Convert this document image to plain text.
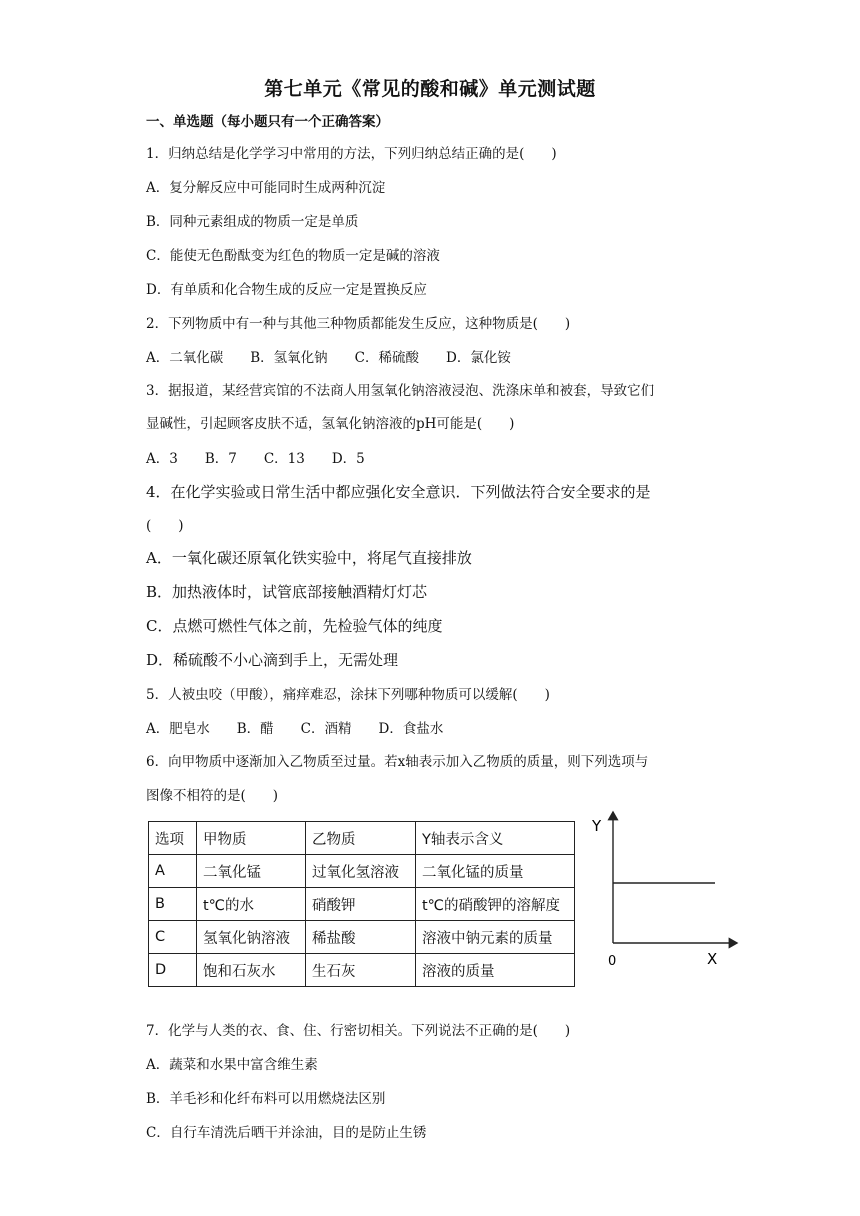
第七单元《常见的酸和碱》单元测试题
一、单选题（每小题只有一个正确答案）
1．归纳总结是化学学习中常用的方法，下列归纳总结正确的是(　　)
A．复分解反应中可能同时生成两种沉淀
B．同种元素组成的物质一定是单质
C．能使无色酚酞变为红色的物质一定是碱的溶液
D．有单质和化合物生成的反应一定是置换反应
2．下列物质中有一种与其他三种物质都能发生反应，这种物质是(　　)
A．二氧化碳　　B．氢氧化钠　　C．稀硫酸　　D．氯化铵
3．据报道，某经营宾馆的不法商人用氢氧化钠溶液浸泡、洗涤床单和被套，导致它们
显碱性，引起顾客皮肤不适，氢氧化钠溶液的pH可能是(　　)
A．3　　B．7　　C．13　　D．5
4．在化学实验或日常生活中都应强化安全意识．下列做法符合安全要求的是
(　　)
A．一氧化碳还原氧化铁实验中，将尾气直接排放
B．加热液体时，试管底部接触酒精灯灯芯
C．点燃可燃性气体之前，先检验气体的纯度
D．稀硫酸不小心滴到手上，无需处理
5．人被虫咬（甲酸），痛痒难忍，涂抹下列哪种物质可以缓解(　　)
A．肥皂水　　B．醋　　C．酒精　　D．食盐水
6．向甲物质中逐渐加入乙物质至过量。若x轴表示加入乙物质的质量，则下列选项与
图像不相符的是(　　)
选项	甲物质	乙物质	Y轴表示含义
A	二氧化锰	过氧化氢溶液	二氧化锰的质量
B	t℃的水	硝酸钾	t℃的硝酸钾的溶解度
C	氢氧化钠溶液	稀盐酸	溶液中钠元素的质量
D	饱和石灰水	生石灰	溶液的质量
Y
0	X
7．化学与人类的衣、食、住、行密切相关。下列说法不正确的是(　　)
A．蔬菜和水果中富含维生素
B．羊毛衫和化纤布料可以用燃烧法区别
C．自行车清洗后晒干并涂油，目的是防止生锈
